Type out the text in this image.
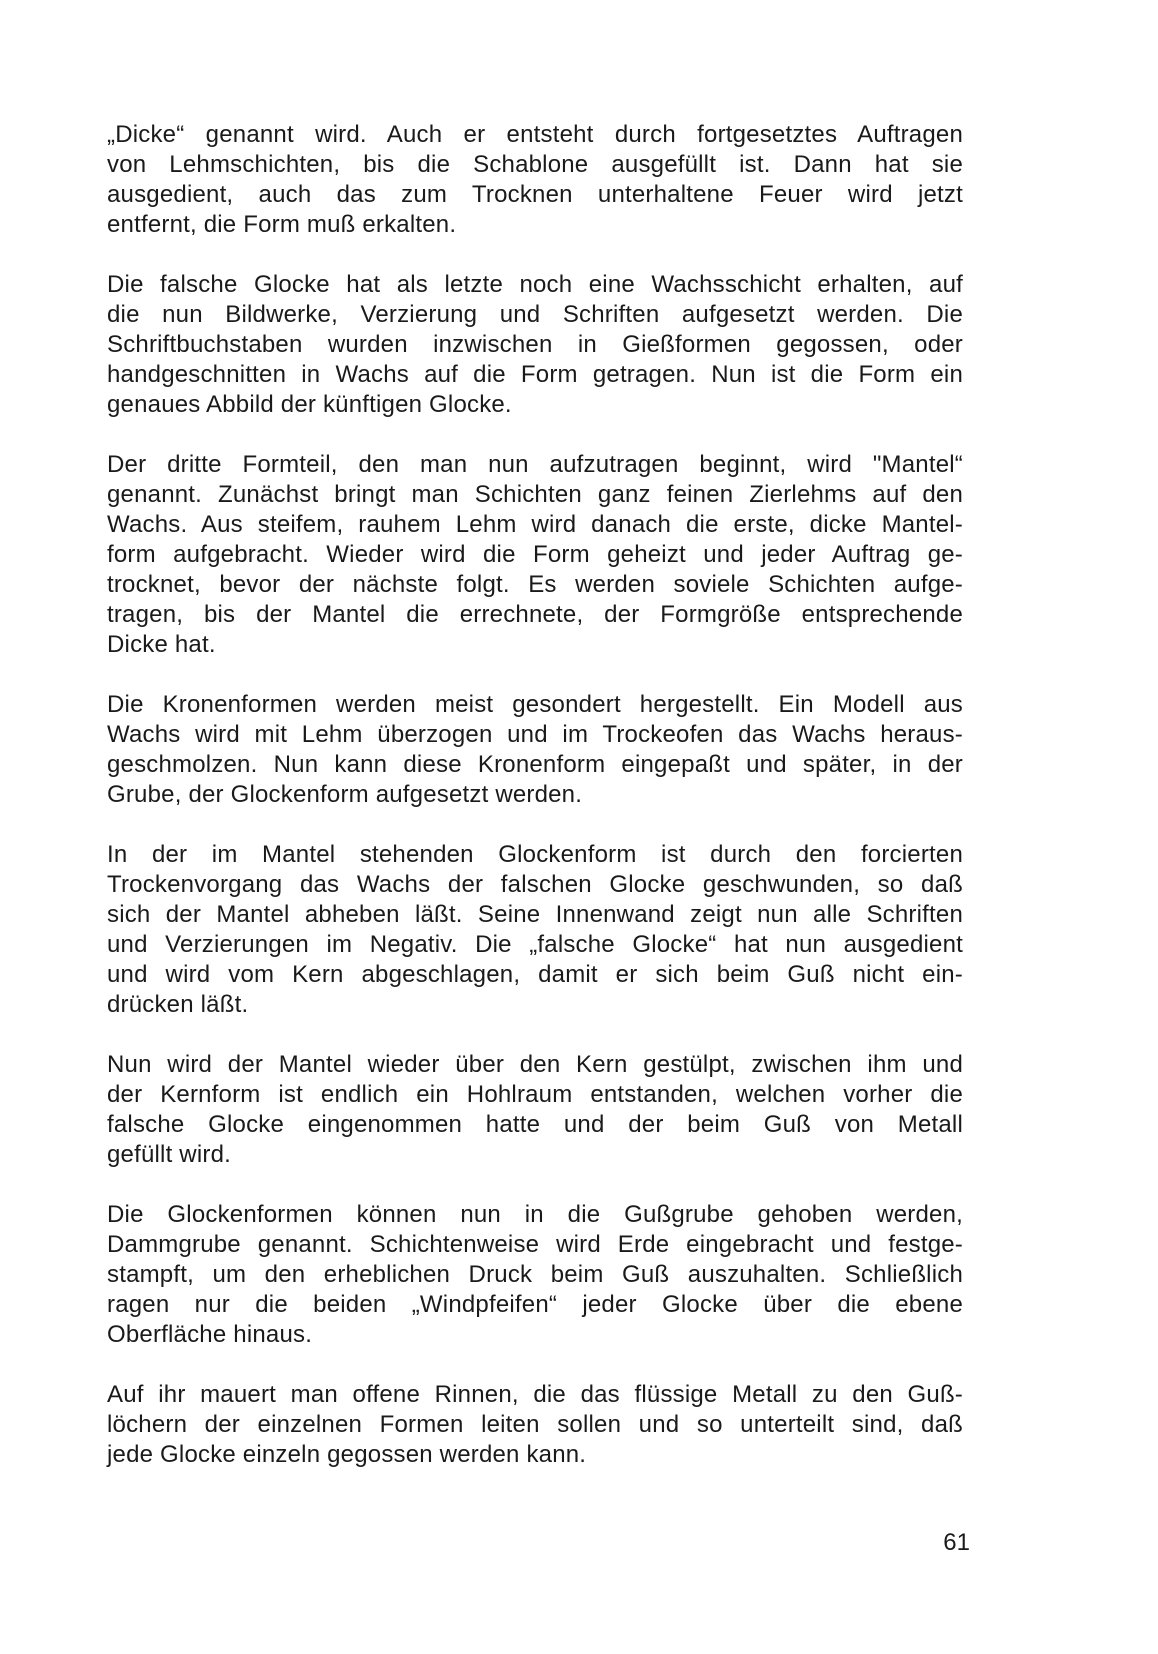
„Dicke“ genannt wird. Auch er entsteht durch fortgesetztes Auftragen
von Lehmschichten, bis die Schablone ausgefüllt ist. Dann hat sie
ausgedient, auch das zum Trocknen unterhaltene Feuer wird jetzt
entfernt, die Form muß erkalten.

Die falsche Glocke hat als letzte noch eine Wachsschicht erhalten, auf
die nun Bildwerke, Verzierung und Schriften aufgesetzt werden. Die
Schriftbuchstaben wurden inzwischen in Gießformen gegossen, oder
handgeschnitten in Wachs auf die Form getragen. Nun ist die Form ein
genaues Abbild der künftigen Glocke.

Der dritte Formteil, den man nun aufzutragen beginnt, wird "Mantel“
genannt. Zunächst bringt man Schichten ganz feinen Zierlehms auf den
Wachs. Aus steifem, rauhem Lehm wird danach die erste, dicke Mantel-
form aufgebracht. Wieder wird die Form geheizt und jeder Auftrag ge-
trocknet, bevor der nächste folgt. Es werden soviele Schichten aufge-
tragen, bis der Mantel die errechnete, der Formgröße entsprechende
Dicke hat.

Die Kronenformen werden meist gesondert hergestellt. Ein Modell aus
Wachs wird mit Lehm überzogen und im Trockeofen das Wachs heraus-
geschmolzen. Nun kann diese Kronenform eingepaßt und später, in der
Grube, der Glockenform aufgesetzt werden.

In der im Mantel stehenden Glockenform ist durch den forcierten
Trockenvorgang das Wachs der falschen Glocke geschwunden, so daß
sich der Mantel abheben läßt. Seine Innenwand zeigt nun alle Schriften
und Verzierungen im Negativ. Die „falsche Glocke“ hat nun ausgedient
und wird vom Kern abgeschlagen, damit er sich beim Guß nicht ein-
drücken läßt.

Nun wird der Mantel wieder über den Kern gestülpt, zwischen ihm und
der Kernform ist endlich ein Hohlraum entstanden, welchen vorher die
falsche Glocke eingenommen hatte und der beim Guß von Metall
gefüllt wird.

Die Glockenformen können nun in die Gußgrube gehoben werden,
Dammgrube genannt. Schichtenweise wird Erde eingebracht und festge-
stampft, um den erheblichen Druck beim Guß auszuhalten. Schließlich
ragen nur die beiden „Windpfeifen“ jeder Glocke über die ebene
Oberfläche hinaus.

Auf ihr mauert man offene Rinnen, die das flüssige Metall zu den Guß-
löchern der einzelnen Formen leiten sollen und so unterteilt sind, daß
jede Glocke einzeln gegossen werden kann.

61
